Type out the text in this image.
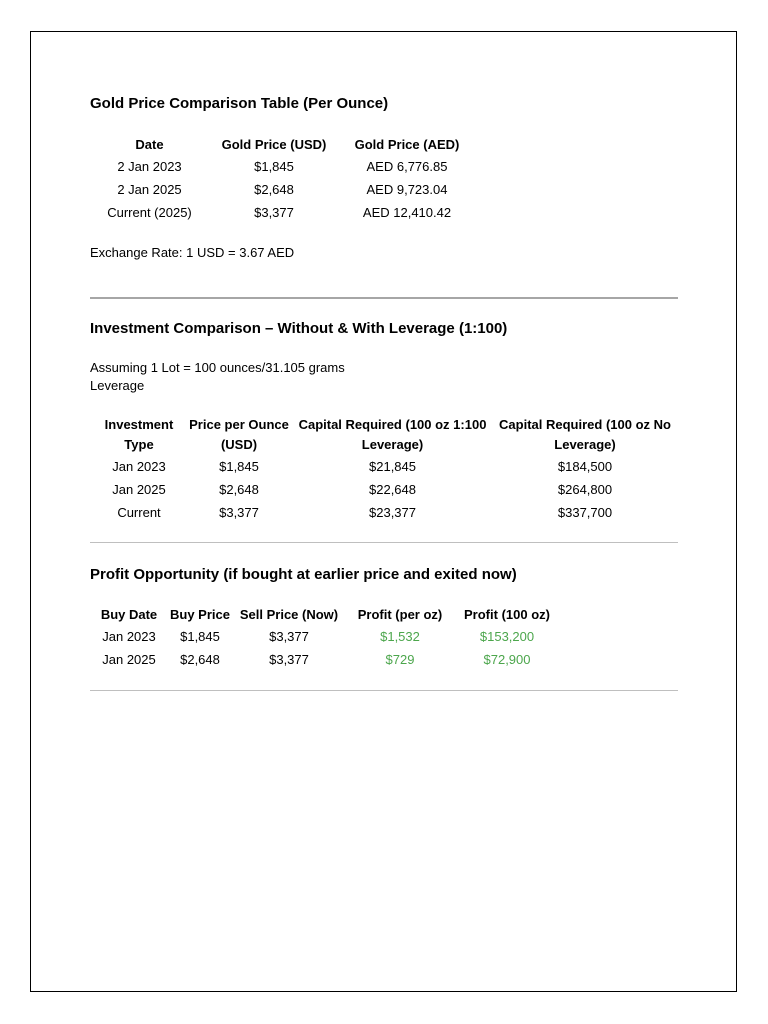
Gold Price Comparison Table (Per Ounce)
Date	Gold Price (USD)	Gold Price (AED)
2 Jan 2023	$1,845	AED 6,776.85
2 Jan 2025	$2,648	AED 9,723.04
Current (2025)	$3,377	AED 12,410.42

Exchange Rate: 1 USD = 3.67 AED

Investment Comparison – Without & With Leverage (1:100)

Assuming 1 Lot = 100 ounces/31.105 grams

Leverage

Investment Type	Price per Ounce (USD)	Capital Required (100 oz 1:100 Leverage)	Capital Required (100 oz No Leverage)
Jan 2023	$1,845	$21,845	$184,500
Jan 2025	$2,648	$22,648	$264,800
Current	$3,377	$23,377	$337,700
Profit Opportunity (if bought at earlier price and exited now)
Buy Date	Buy Price	Sell Price (Now)	Profit (per oz)	Profit (100 oz)
Jan 2023	$1,845	$3,377	$1,532	$153,200
Jan 2025	$2,648	$3,377	$729	$72,900
